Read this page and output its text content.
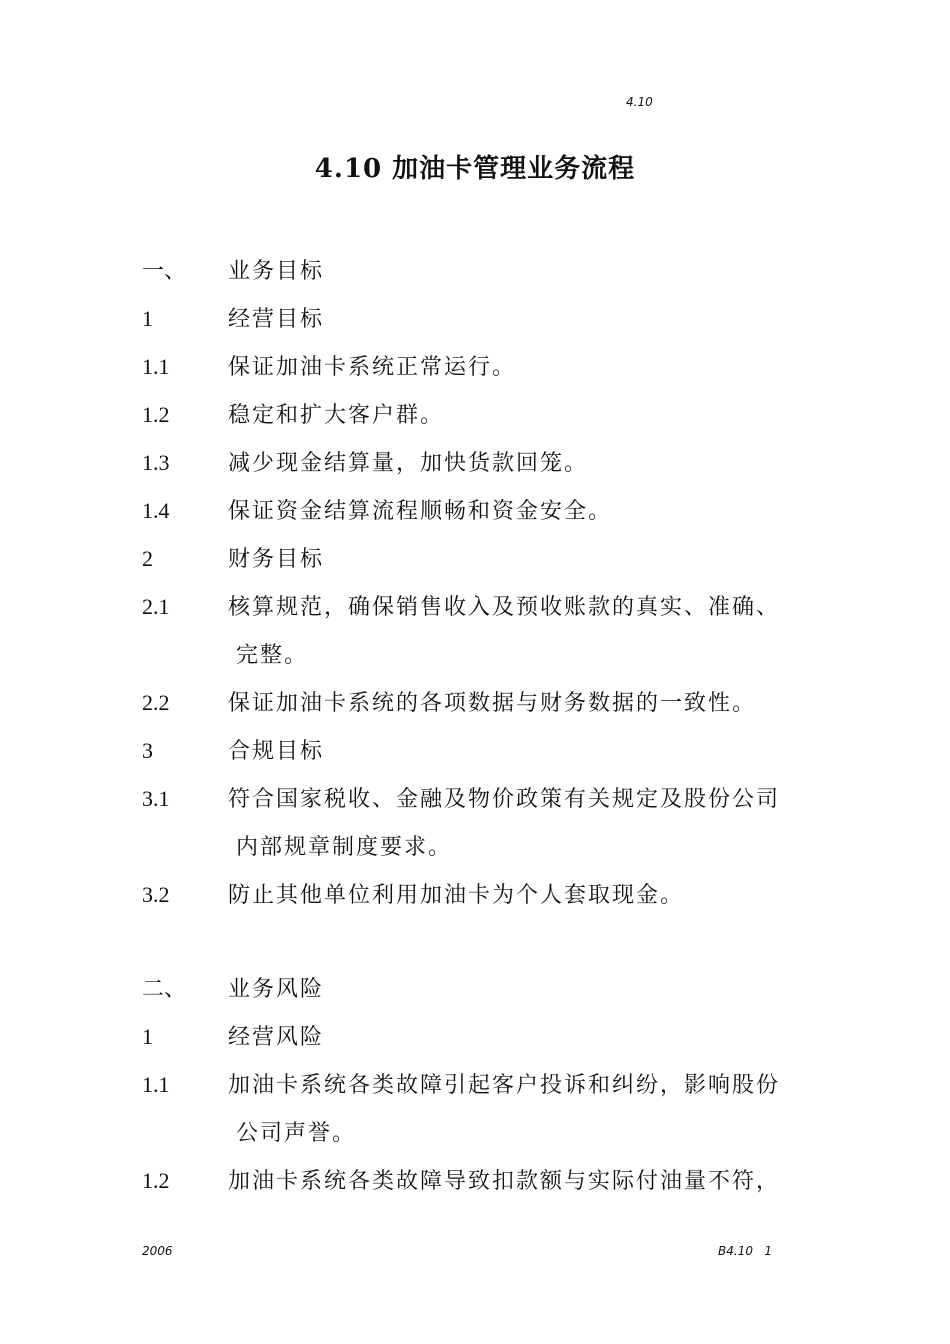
4.10
4.10 加油卡管理业务流程
一、 业务目标
1	经营目标
1.1	保证加油卡系统正常运行。
1.2	稳定和扩大客户群。
1.3	减少现金结算量，加快货款回笼。
1.4	保证资金结算流程顺畅和资金安全。
2	财务目标
2.1	核算规范，确保销售收入及预收账款的真实、准确、
完整。
2.2	保证加油卡系统的各项数据与财务数据的一致性。
3	合规目标
3.1	符合国家税收、金融及物价政策有关规定及股份公司
内部规章制度要求。
3.2	防止其他单位利用加油卡为个人套取现金。
二、 业务风险
1	经营风险
1.1	加油卡系统各类故障引起客户投诉和纠纷，影响股份
公司声誉。
1.2	加油卡系统各类故障导致扣款额与实际付油量不符，
2006	B4.10   1
